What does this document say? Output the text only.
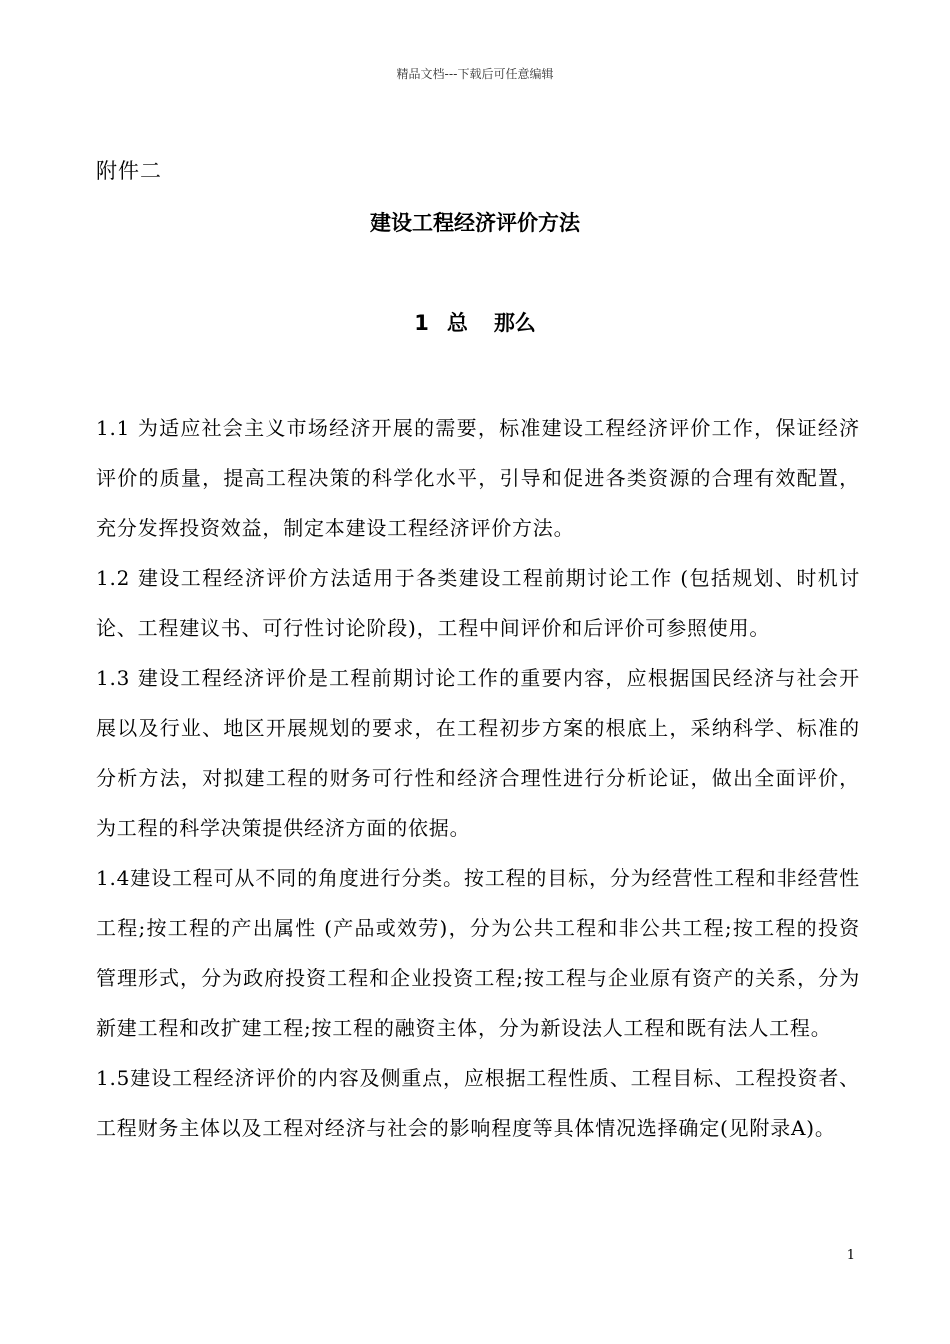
精品文档---下载后可任意编辑
附件二
建设工程经济评价方法
1 总 那么

1.1 为适应社会主义市场经济开展的需要，标准建设工程经济评价工作，保证经济评价的质量，提高工程决策的科学化水平，引导和促进各类资源的合理有效配置，充分发挥投资效益，制定本建设工程经济评价方法。

1.2 建设工程经济评价方法适用于各类建设工程前期讨论工作 (包括规划、时机讨论、工程建议书、可行性讨论阶段)，工程中间评价和后评价可参照使用。

1.3 建设工程经济评价是工程前期讨论工作的重要内容，应根据国民经济与社会开展以及行业、地区开展规划的要求，在工程初步方案的根底上，采纳科学、标准的分析方法，对拟建工程的财务可行性和经济合理性进行分析论证，做出全面评价，为工程的科学决策提供经济方面的依据。

1.4建设工程可从不同的角度进行分类。按工程的目标，分为经营性工程和非经营性工程;按工程的产出属性 (产品或效劳)，分为公共工程和非公共工程;按工程的投资管理形式，分为政府投资工程和企业投资工程;按工程与企业原有资产的关系，分为新建工程和改扩建工程;按工程的融资主体，分为新设法人工程和既有法人工程。

1.5建设工程经济评价的内容及侧重点，应根据工程性质、工程目标、工程投资者、工程财务主体以及工程对经济与社会的影响程度等具体情况选择确定(见附录A)。

1
